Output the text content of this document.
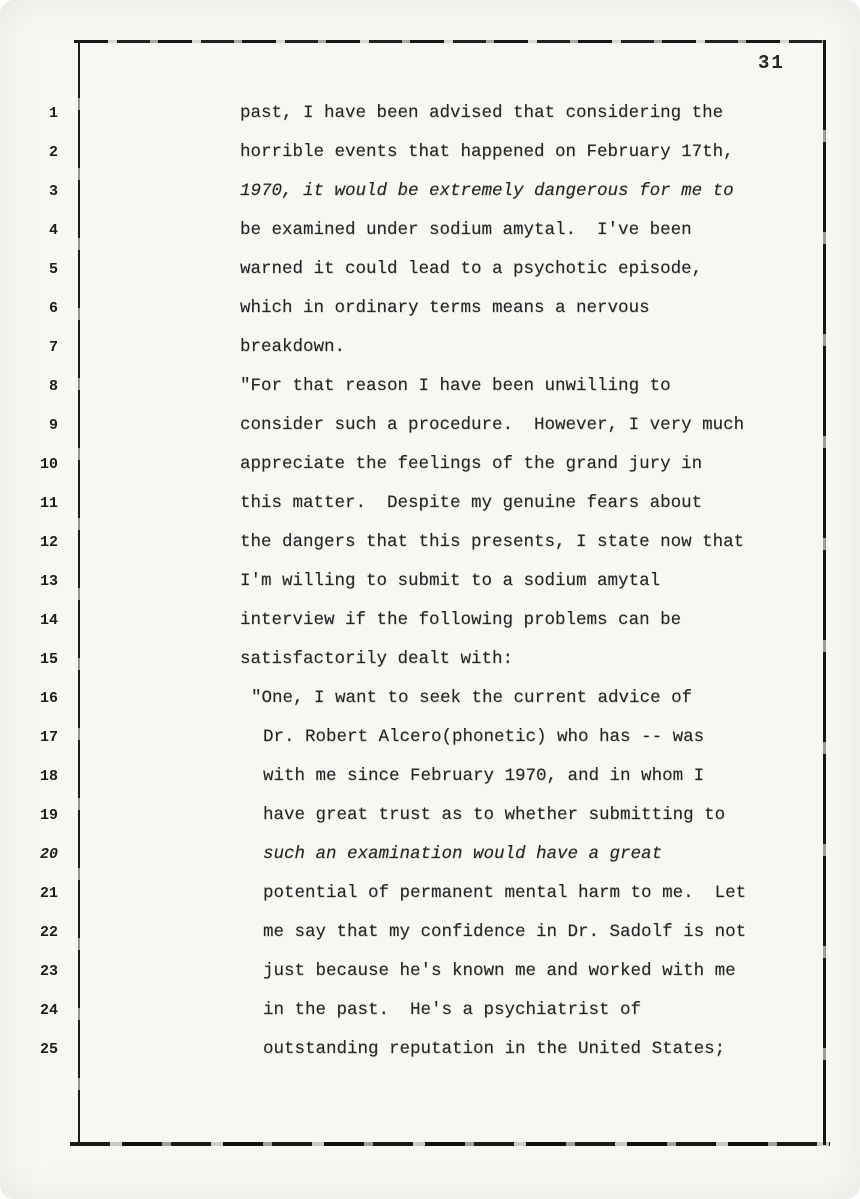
31
1	past, I have been advised that considering the
2	horrible events that happened on February 17th,
3	1970, it would be extremely dangerous for me to
4	be examined under sodium amytal.  I've been
5	warned it could lead to a psychotic episode,
6	which in ordinary terms means a nervous
7	breakdown.
8	"For that reason I have been unwilling to
9	consider such a procedure.  However, I very much
10	appreciate the feelings of the grand jury in
11	this matter.  Despite my genuine fears about
12	the dangers that this presents, I state now that
13	I'm willing to submit to a sodium amytal
14	interview if the following problems can be
15	satisfactorily dealt with:
16	"One, I want to seek the current advice of
17	Dr. Robert Alcero(phonetic) who has -- was
18	with me since February 1970, and in whom I
19	have great trust as to whether submitting to
20	such an examination would have a great
21	potential of permanent mental harm to me.  Let
22	me say that my confidence in Dr. Sadolf is not
23	just because he's known me and worked with me
24	in the past.  He's a psychiatrist of
25	outstanding reputation in the United States;
